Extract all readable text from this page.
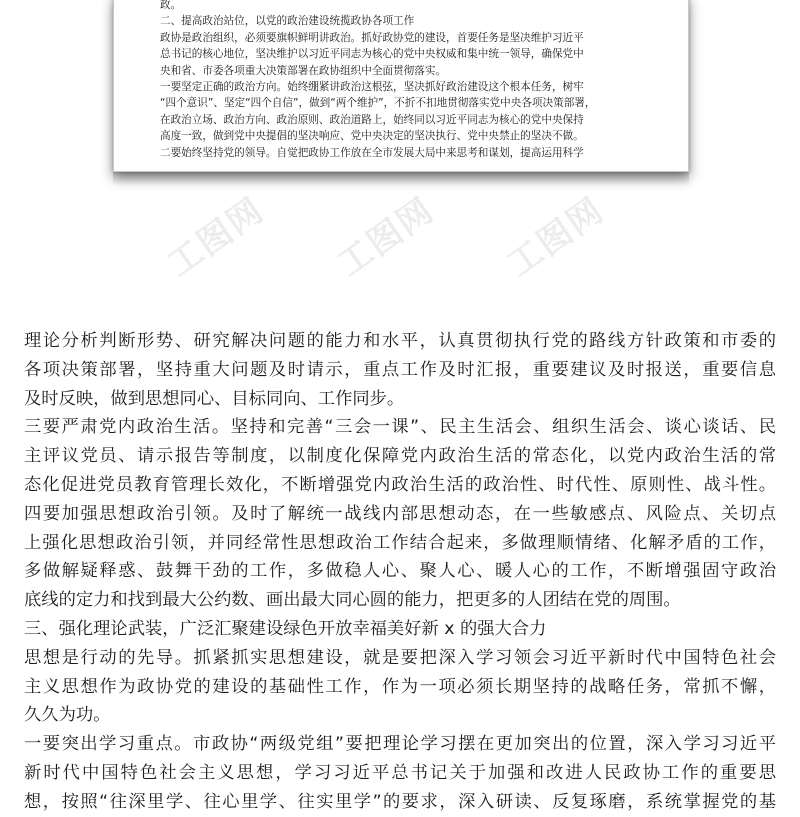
政。
二、提高政治站位，以党的政治建设统揽政协各项工作
政协是政治组织，必须要旗帜鲜明讲政治。抓好政协党的建设，首要任务是坚决维护习近平
总书记的核心地位，坚决维护以习近平同志为核心的党中央权威和集中统一领导，确保党中
央和省、市委各项重大决策部署在政协组织中全面贯彻落实。
一要坚定正确的政治方向。始终绷紧讲政治这根弦，坚决抓好政治建设这个根本任务，树牢
“四个意识”、坚定“四个自信”，做到“两个维护”，不折不扣地贯彻落实党中央各项决策部署，
在政治立场、政治方向、政治原则、政治道路上，始终同以习近平同志为核心的党中央保持
高度一致，做到党中央提倡的坚决响应、党中央决定的坚决执行、党中央禁止的坚决不做。
二要始终坚持党的领导。自觉把政协工作放在全市发展大局中来思考和谋划，提高运用科学
工图网 工图网 工图网
理论分析判断形势、研究解决问题的能力和水平，认真贯彻执行党的路线方针政策和市委的
各项决策部署，坚持重大问题及时请示，重点工作及时汇报，重要建议及时报送，重要信息
及时反映，做到思想同心、目标同向、工作同步。
三要严肃党内政治生活。坚持和完善“三会一课”、民主生活会、组织生活会、谈心谈话、民
主评议党员、请示报告等制度，以制度化保障党内政治生活的常态化，以党内政治生活的常
态化促进党员教育管理长效化，不断增强党内政治生活的政治性、时代性、原则性、战斗性。
四要加强思想政治引领。及时了解统一战线内部思想动态，在一些敏感点、风险点、关切点
上强化思想政治引领，并同经常性思想政治工作结合起来，多做理顺情绪、化解矛盾的工作，
多做解疑释惑、鼓舞干劲的工作，多做稳人心、聚人心、暖人心的工作，不断增强固守政治
底线的定力和找到最大公约数、画出最大同心圆的能力，把更多的人团结在党的周围。
三、强化理论武装，广泛汇聚建设绿色开放幸福美好新 x 的强大合力
思想是行动的先导。抓紧抓实思想建设，就是要把深入学习领会习近平新时代中国特色社会
主义思想作为政协党的建设的基础性工作，作为一项必须长期坚持的战略任务，常抓不懈，
久久为功。
一要突出学习重点。市政协“两级党组”要把理论学习摆在更加突出的位置，深入学习习近平
新时代中国特色社会主义思想，学习习近平总书记关于加强和改进人民政协工作的重要思
想，按照“往深里学、往心里学、往实里学”的要求，深入研读、反复琢磨，系统掌握党的基
